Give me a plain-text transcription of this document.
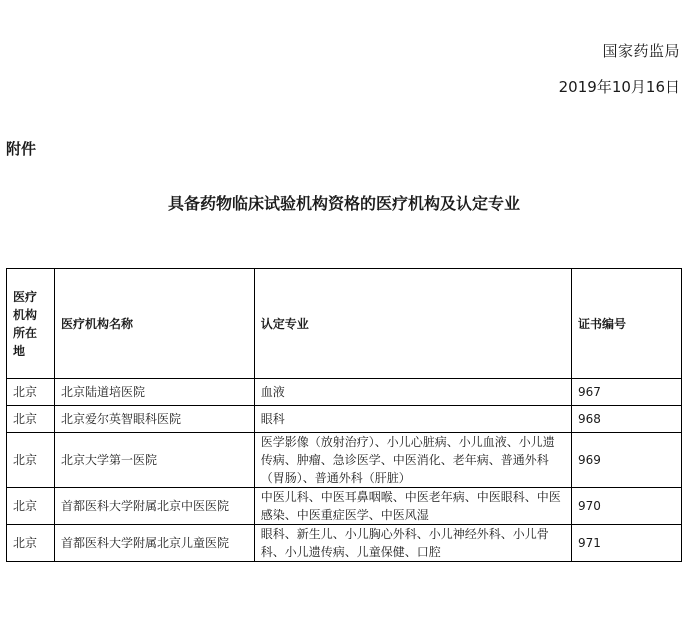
国家药监局
2019年10月16日
附件
具备药物临床试验机构资格的医疗机构及认定专业
医疗机构所在地	医疗机构名称	认定专业	证书编号
北京	北京陆道培医院	血液	967
北京	北京爱尔英智眼科医院	眼科	968
北京	北京大学第一医院	医学影像（放射治疗）、小儿心脏病、小儿血液、小儿遗传病、肿瘤、急诊医学、中医消化、老年病、普通外科（胃肠）、普通外科（肝脏）	969
北京	首都医科大学附属北京中医医院	中医儿科、中医耳鼻咽喉、中医老年病、中医眼科、中医感染、中医重症医学、中医风湿	970
北京	首都医科大学附属北京儿童医院	眼科、新生儿、小儿胸心外科、小儿神经外科、小儿骨科、小儿遗传病、儿童保健、口腔	971
